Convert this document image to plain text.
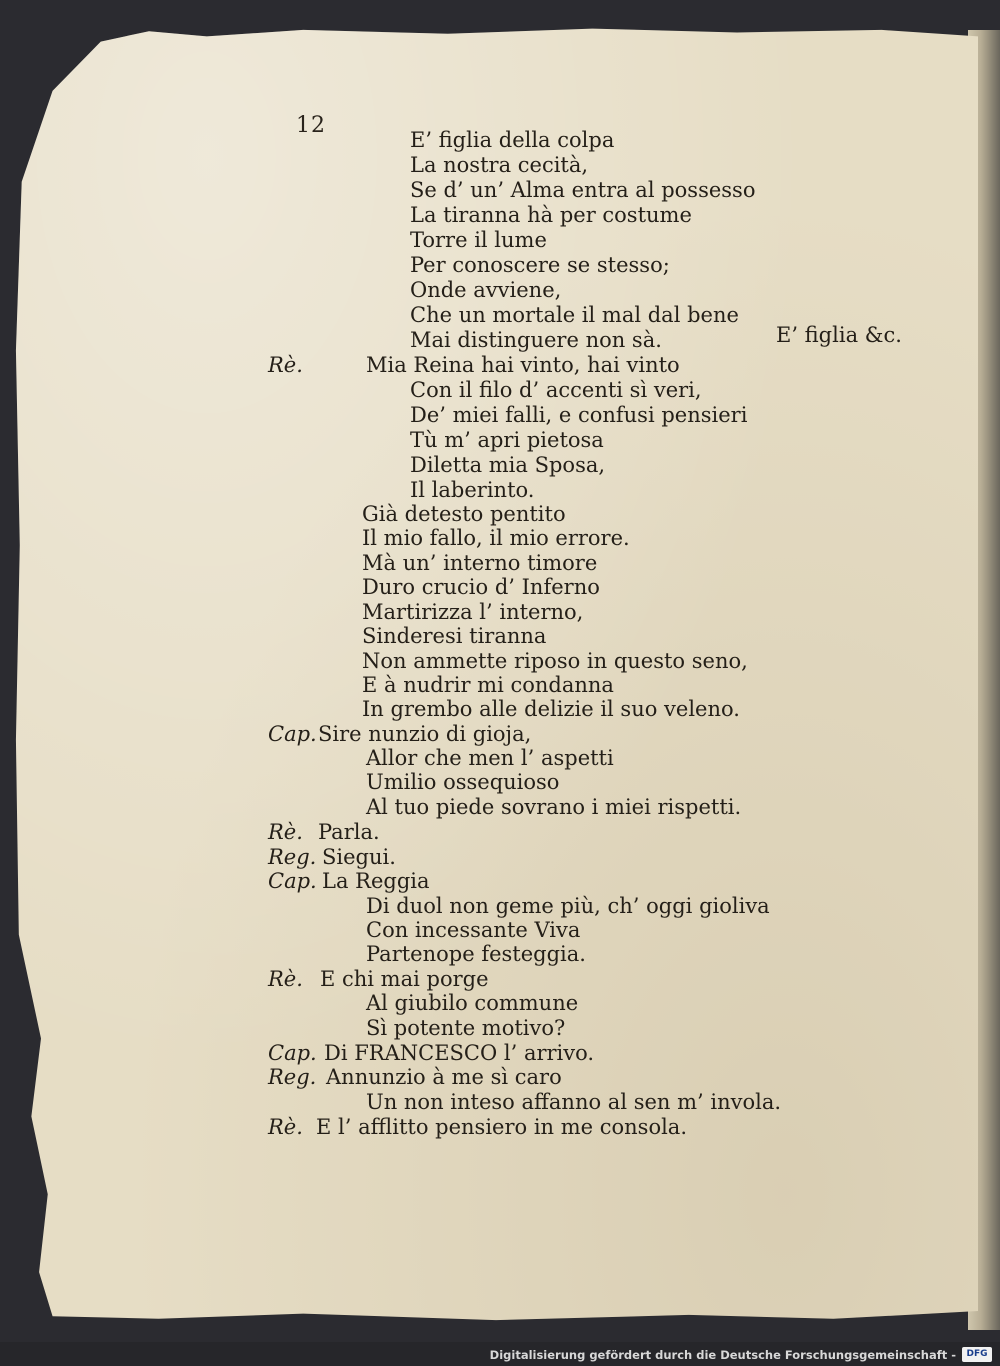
12
E’ figlia della colpa
La nostra cecità,
Se d’ un’ Alma entra al possesso
La tiranna hà per costume
Torre il lume
Per conoscere se stesso;
Onde avviene,
Che un mortale il mal dal bene
Mai distinguere non sà.	E’ figlia &c.
Rè.	Mia Reina hai vinto, hai vinto
Con il filo d’ accenti sì veri,
De’ miei falli, e confusi pensieri
Tù m’ apri pietosa
Diletta mia Sposa,
Il laberinto.
Già detesto pentito
Il mio fallo, il mio errore.
Mà un’ interno timore
Duro crucio d’ Inferno
Martirizza l’ interno,
Sinderesi tiranna
Non ammette riposo in questo seno,
E à nudrir mi condanna
In grembo alle delizie il suo veleno.
Cap. Sire nunzio di gioja,
Allor che men l’ aspetti
Umilio ossequioso
Al tuo piede sovrano i miei rispetti.
Rè. Parla.
Reg. Siegui.
Cap. La Reggia
Di duol non geme più, ch’ oggi gioliva
Con incessante Viva
Partenope festeggia.
Rè. E chi mai porge
Al giubilo commune
Sì potente motivo?
Cap. Di FRANCESCO l’ arrivo.
Reg. Annunzio à me sì caro
Un non inteso affanno al sen m’ invola.
Rè. E l’ afflitto pensiero in me consola.
Digitalisierung gefördert durch die Deutsche Forschungsgemeinschaft -	DFG
